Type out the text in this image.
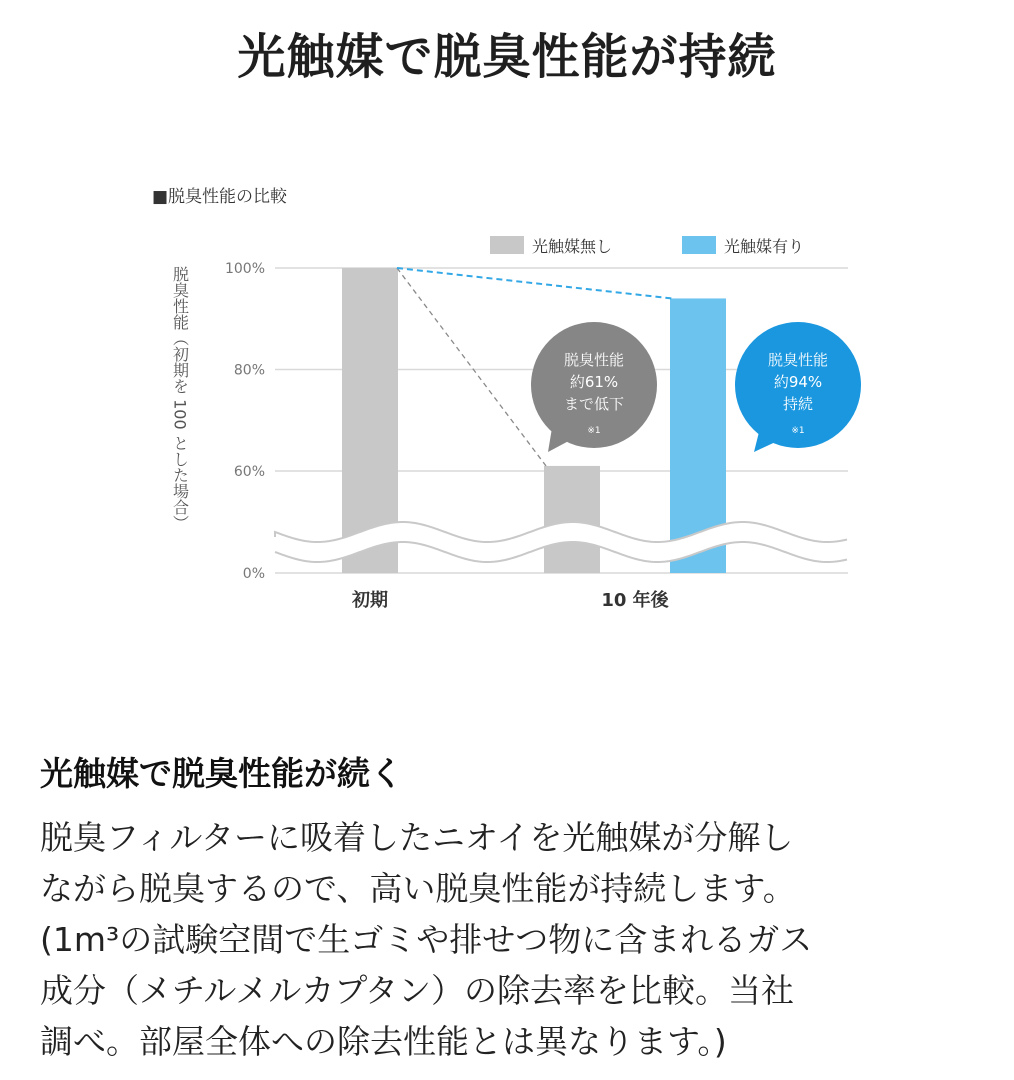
光触媒で脱臭性能が持続
■脱臭性能の比較
100%
80%
60%
0%
脱臭性能（初期を 100 とした場合）
光触媒無し	光触媒有り
初期	10 年後
脱臭性能
約61%
まで低下
※1
脱臭性能
約94%
持続
※1
光触媒で脱臭性能が続く

脱臭フィルターに吸着したニオイを光触媒が分解し
ながら脱臭するので、高い脱臭性能が持続します。
(1m³の試験空間で生ゴミや排せつ物に含まれるガス
成分（メチルメルカプタン）の除去率を比較。当社
調べ。部屋全体への除去性能とは異なります。)
